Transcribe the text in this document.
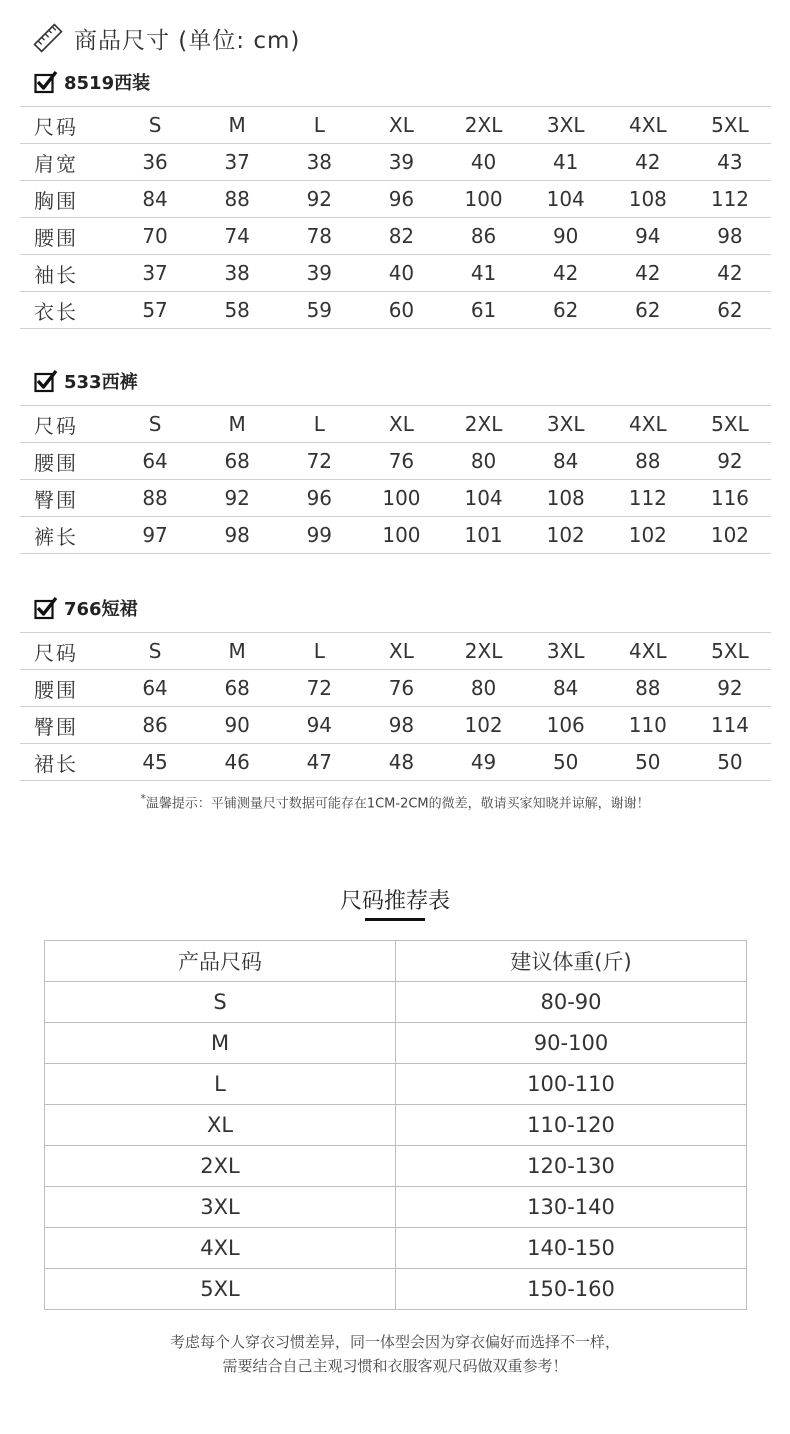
商品尺寸 (单位: cm)
8519西装
尺码	S	M	L	XL	2XL	3XL	4XL	5XL
肩宽	36	37	38	39	40	41	42	43
胸围	84	88	92	96	100	104	108	112
腰围	70	74	78	82	86	90	94	98
袖长	37	38	39	40	41	42	42	42
衣长	57	58	59	60	61	62	62	62
533西裤
尺码	S	M	L	XL	2XL	3XL	4XL	5XL
腰围	64	68	72	76	80	84	88	92
臀围	88	92	96	100	104	108	112	116
裤长	97	98	99	100	101	102	102	102
766短裙
尺码	S	M	L	XL	2XL	3XL	4XL	5XL
腰围	64	68	72	76	80	84	88	92
臀围	86	90	94	98	102	106	110	114
裙长	45	46	47	48	49	50	50	50
*温馨提示：平铺测量尺寸数据可能存在1CM-2CM的微差，敬请买家知晓并谅解，谢谢！
尺码推荐表
产品尺码	建议体重(斤)
S	80-90
M	90-100
L	100-110
XL	110-120
2XL	120-130
3XL	130-140
4XL	140-150
5XL	150-160
考虑每个人穿衣习惯差异，同一体型会因为穿衣偏好而选择不一样，
需要结合自己主观习惯和衣服客观尺码做双重参考！
